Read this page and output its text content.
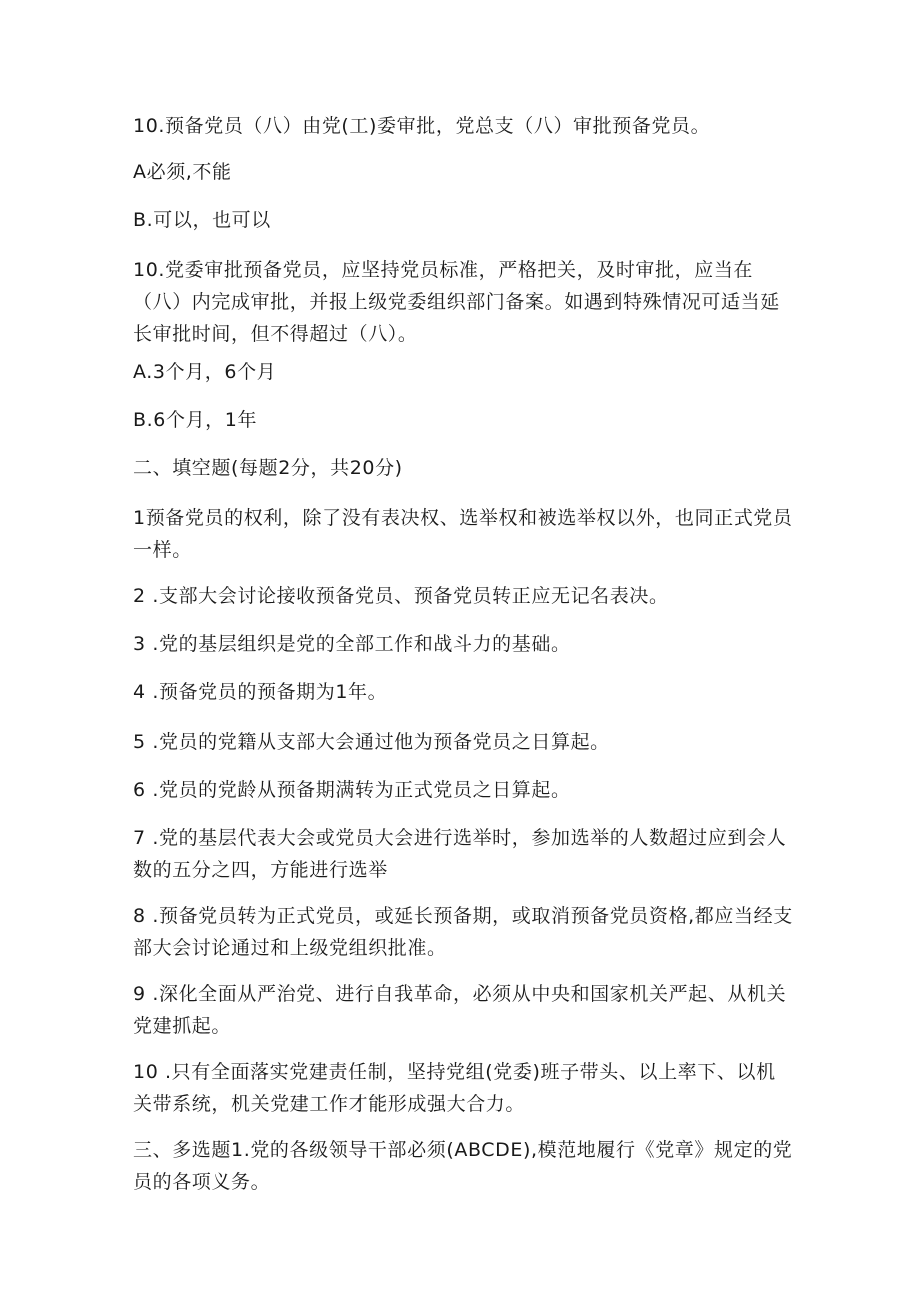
10.预备党员（八）由党(工)委审批，党总支（八）审批预备党员。

A必须,不能

B.可以，也可以

10.党委审批预备党员，应坚持党员标准，严格把关，及时审批，应当在（八）内完成审批，并报上级党委组织部门备案。如遇到特殊情况可适当延长审批时间，但不得超过（八）。

A.3个月，6个月

B.6个月，1年

二、填空题(每题2分，共20分)

1预备党员的权利，除了没有表决权、选举权和被选举权以外，也同正式党员一样。

2 .支部大会讨论接收预备党员、预备党员转正应无记名表决。

3 .党的基层组织是党的全部工作和战斗力的基础。

4 .预备党员的预备期为1年。

5 .党员的党籍从支部大会通过他为预备党员之日算起。

6 .党员的党龄从预备期满转为正式党员之日算起。

7 .党的基层代表大会或党员大会进行选举时，参加选举的人数超过应到会人数的五分之四，方能进行选举

8 .预备党员转为正式党员，或延长预备期，或取消预备党员资格,都应当经支部大会讨论通过和上级党组织批准。

9 .深化全面从严治党、进行自我革命，必须从中央和国家机关严起、从机关党建抓起。

10 .只有全面落实党建责任制，坚持党组(党委)班子带头、以上率下、以机关带系统，机关党建工作才能形成强大合力。

三、多选题1.党的各级领导干部必须(ABCDE),模范地履行《党章》规定的党员的各项义务。
